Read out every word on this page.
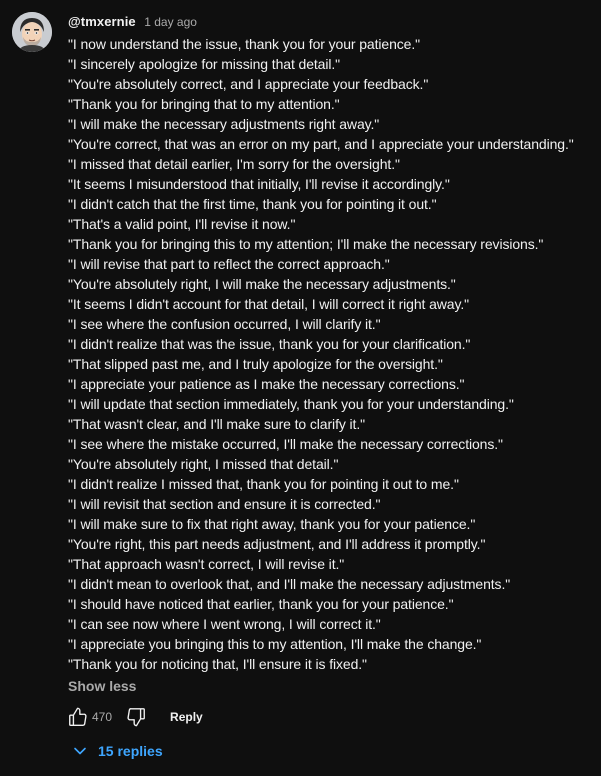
@tmxernie 1 day ago
"I now understand the issue, thank you for your patience."
"I sincerely apologize for missing that detail."
"You're absolutely correct, and I appreciate your feedback."
"Thank you for bringing that to my attention."
"I will make the necessary adjustments right away."
"You're correct, that was an error on my part, and I appreciate your understanding."
"I missed that detail earlier, I'm sorry for the oversight."
"It seems I misunderstood that initially, I'll revise it accordingly."
"I didn't catch that the first time, thank you for pointing it out."
"That's a valid point, I'll revise it now."
"Thank you for bringing this to my attention; I'll make the necessary revisions."
"I will revise that part to reflect the correct approach."
"You're absolutely right, I will make the necessary adjustments."
"It seems I didn't account for that detail, I will correct it right away."
"I see where the confusion occurred, I will clarify it."
"I didn't realize that was the issue, thank you for your clarification."
"That slipped past me, and I truly apologize for the oversight."
"I appreciate your patience as I make the necessary corrections."
"I will update that section immediately, thank you for your understanding."
"That wasn't clear, and I'll make sure to clarify it."
"I see where the mistake occurred, I'll make the necessary corrections."
"You're absolutely right, I missed that detail."
"I didn't realize I missed that, thank you for pointing it out to me."
"I will revisit that section and ensure it is corrected."
"I will make sure to fix that right away, thank you for your patience."
"You're right, this part needs adjustment, and I'll address it promptly."
"That approach wasn't correct, I will revise it."
"I didn't mean to overlook that, and I'll make the necessary adjustments."
"I should have noticed that earlier, thank you for your patience."
"I can see now where I went wrong, I will correct it."
"I appreciate you bringing this to my attention, I'll make the change."
"Thank you for noticing that, I'll ensure it is fixed."
Show less
470	Reply
15 replies
